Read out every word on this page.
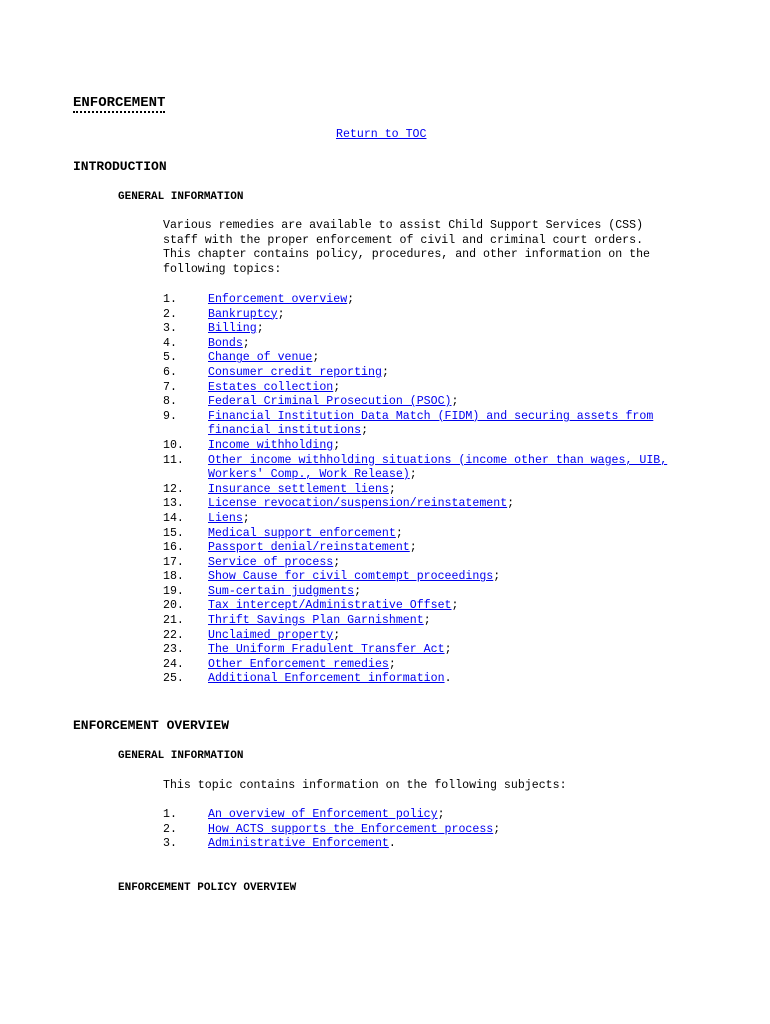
ENFORCEMENT
Return to TOC
INTRODUCTION
GENERAL INFORMATION
Various remedies are available to assist Child Support Services (CSS)
staff with the proper enforcement of civil and criminal court orders.
This chapter contains policy, procedures, and other information on the
following topics:
1.	Enforcement overview;
2.	Bankruptcy;
3.	Billing;
4.	Bonds;
5.	Change of venue;
6.	Consumer credit reporting;
7.	Estates collection;
8.	Federal Criminal Prosecution (PSOC);
9.	Financial Institution Data Match (FIDM) and securing assets from financial institutions;
10. Income withholding;
11. Other income withholding situations (income other than wages, UIB, Workers' Comp., Work Release);
12. Insurance settlement liens;
13. License revocation/suspension/reinstatement;
14. Liens;
15. Medical support enforcement;
16. Passport denial/reinstatement;
17. Service of process;
18. Show Cause for civil comtempt proceedings;
19. Sum-certain judgments;
20. Tax intercept/Administrative Offset;
21. Thrift Savings Plan Garnishment;
22. Unclaimed property;
23. The Uniform Fradulent Transfer Act;
24. Other Enforcement remedies;
25. Additional Enforcement information.
ENFORCEMENT OVERVIEW
GENERAL INFORMATION
This topic contains information on the following subjects:
1.	An overview of Enforcement policy;
2.	How ACTS supports the Enforcement process;
3.	Administrative Enforcement.
ENFORCEMENT POLICY OVERVIEW
